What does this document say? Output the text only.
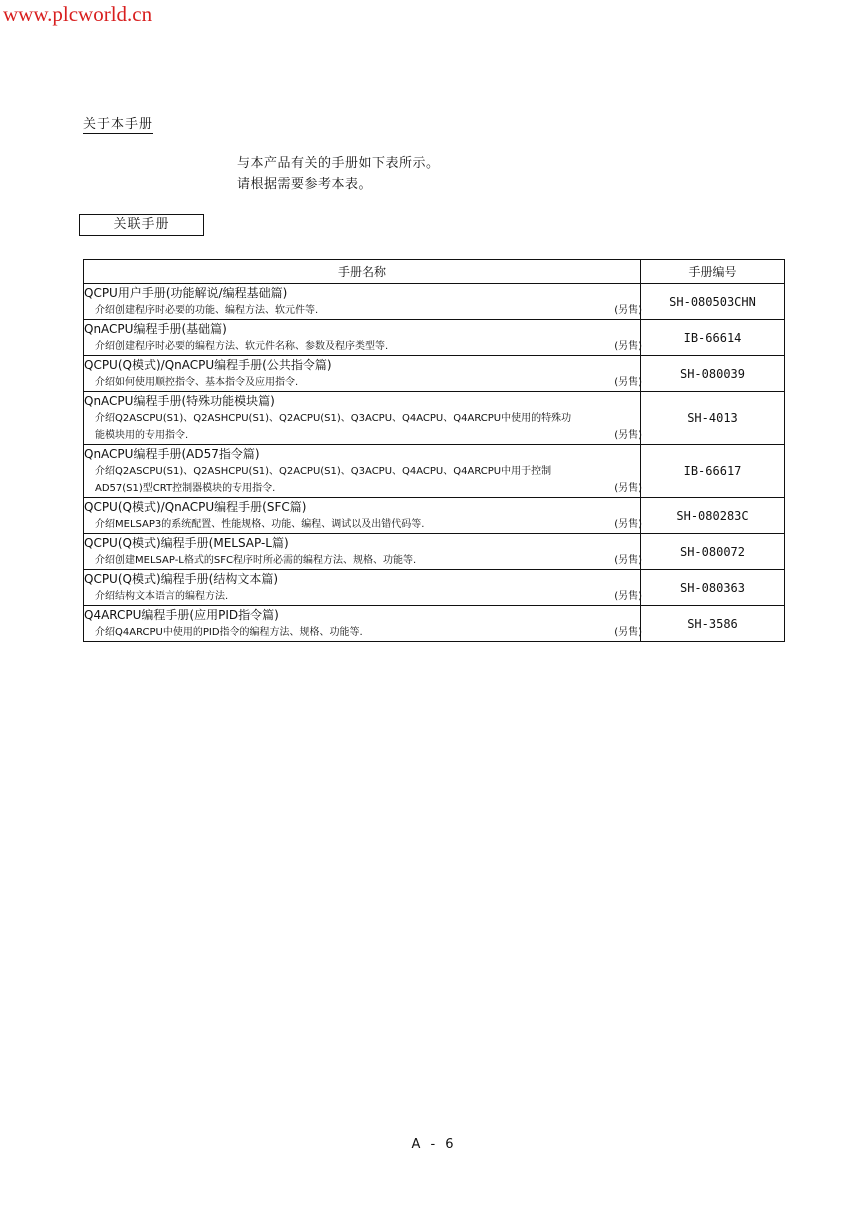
www.plcworld.cn
关于本手册
与本产品有关的手册如下表所示。
请根据需要参考本表。
关联手册
手册名称	手册编号

QCPU用户手册(功能解说/编程基础篇)
介绍创建程序时必要的功能、编程方法、软元件等. (另售)	SH-080503CHN

QnACPU编程手册(基础篇)
介绍创建程序时必要的编程方法、软元件名称、参数及程序类型等. (另售)	IB-66614

QCPU(Q模式)/QnACPU编程手册(公共指令篇)
介绍如何使用顺控指令、基本指令及应用指令. (另售)	SH-080039

QnACPU编程手册(特殊功能模块篇)
介绍Q2ASCPU(S1)、Q2ASHCPU(S1)、Q2ACPU(S1)、Q3ACPU、Q4ACPU、Q4ARCPU中使用的特殊功能模块用的专用指令. (另售)	SH-4013

QnACPU编程手册(AD57指令篇)
介绍Q2ASCPU(S1)、Q2ASHCPU(S1)、Q2ACPU(S1)、Q3ACPU、Q4ACPU、Q4ARCPU中用于控制AD57(S1)型CRT控制器模块的专用指令. (另售)	IB-66617

QCPU(Q模式)/QnACPU编程手册(SFC篇)
介绍MELSAP3的系统配置、性能规格、功能、编程、调试以及出错代码等. (另售)	SH-080283C

QCPU(Q模式)编程手册(MELSAP-L篇)
介绍创建MELSAP-L格式的SFC程序时所必需的编程方法、规格、功能等. (另售)	SH-080072

QCPU(Q模式)编程手册(结构文本篇)
介绍结构文本语言的编程方法. (另售)	SH-080363

Q4ARCPU编程手册(应用PID指令篇)
介绍Q4ARCPU中使用的PID指令的编程方法、规格、功能等. (另售)	SH-3586
A - 6
